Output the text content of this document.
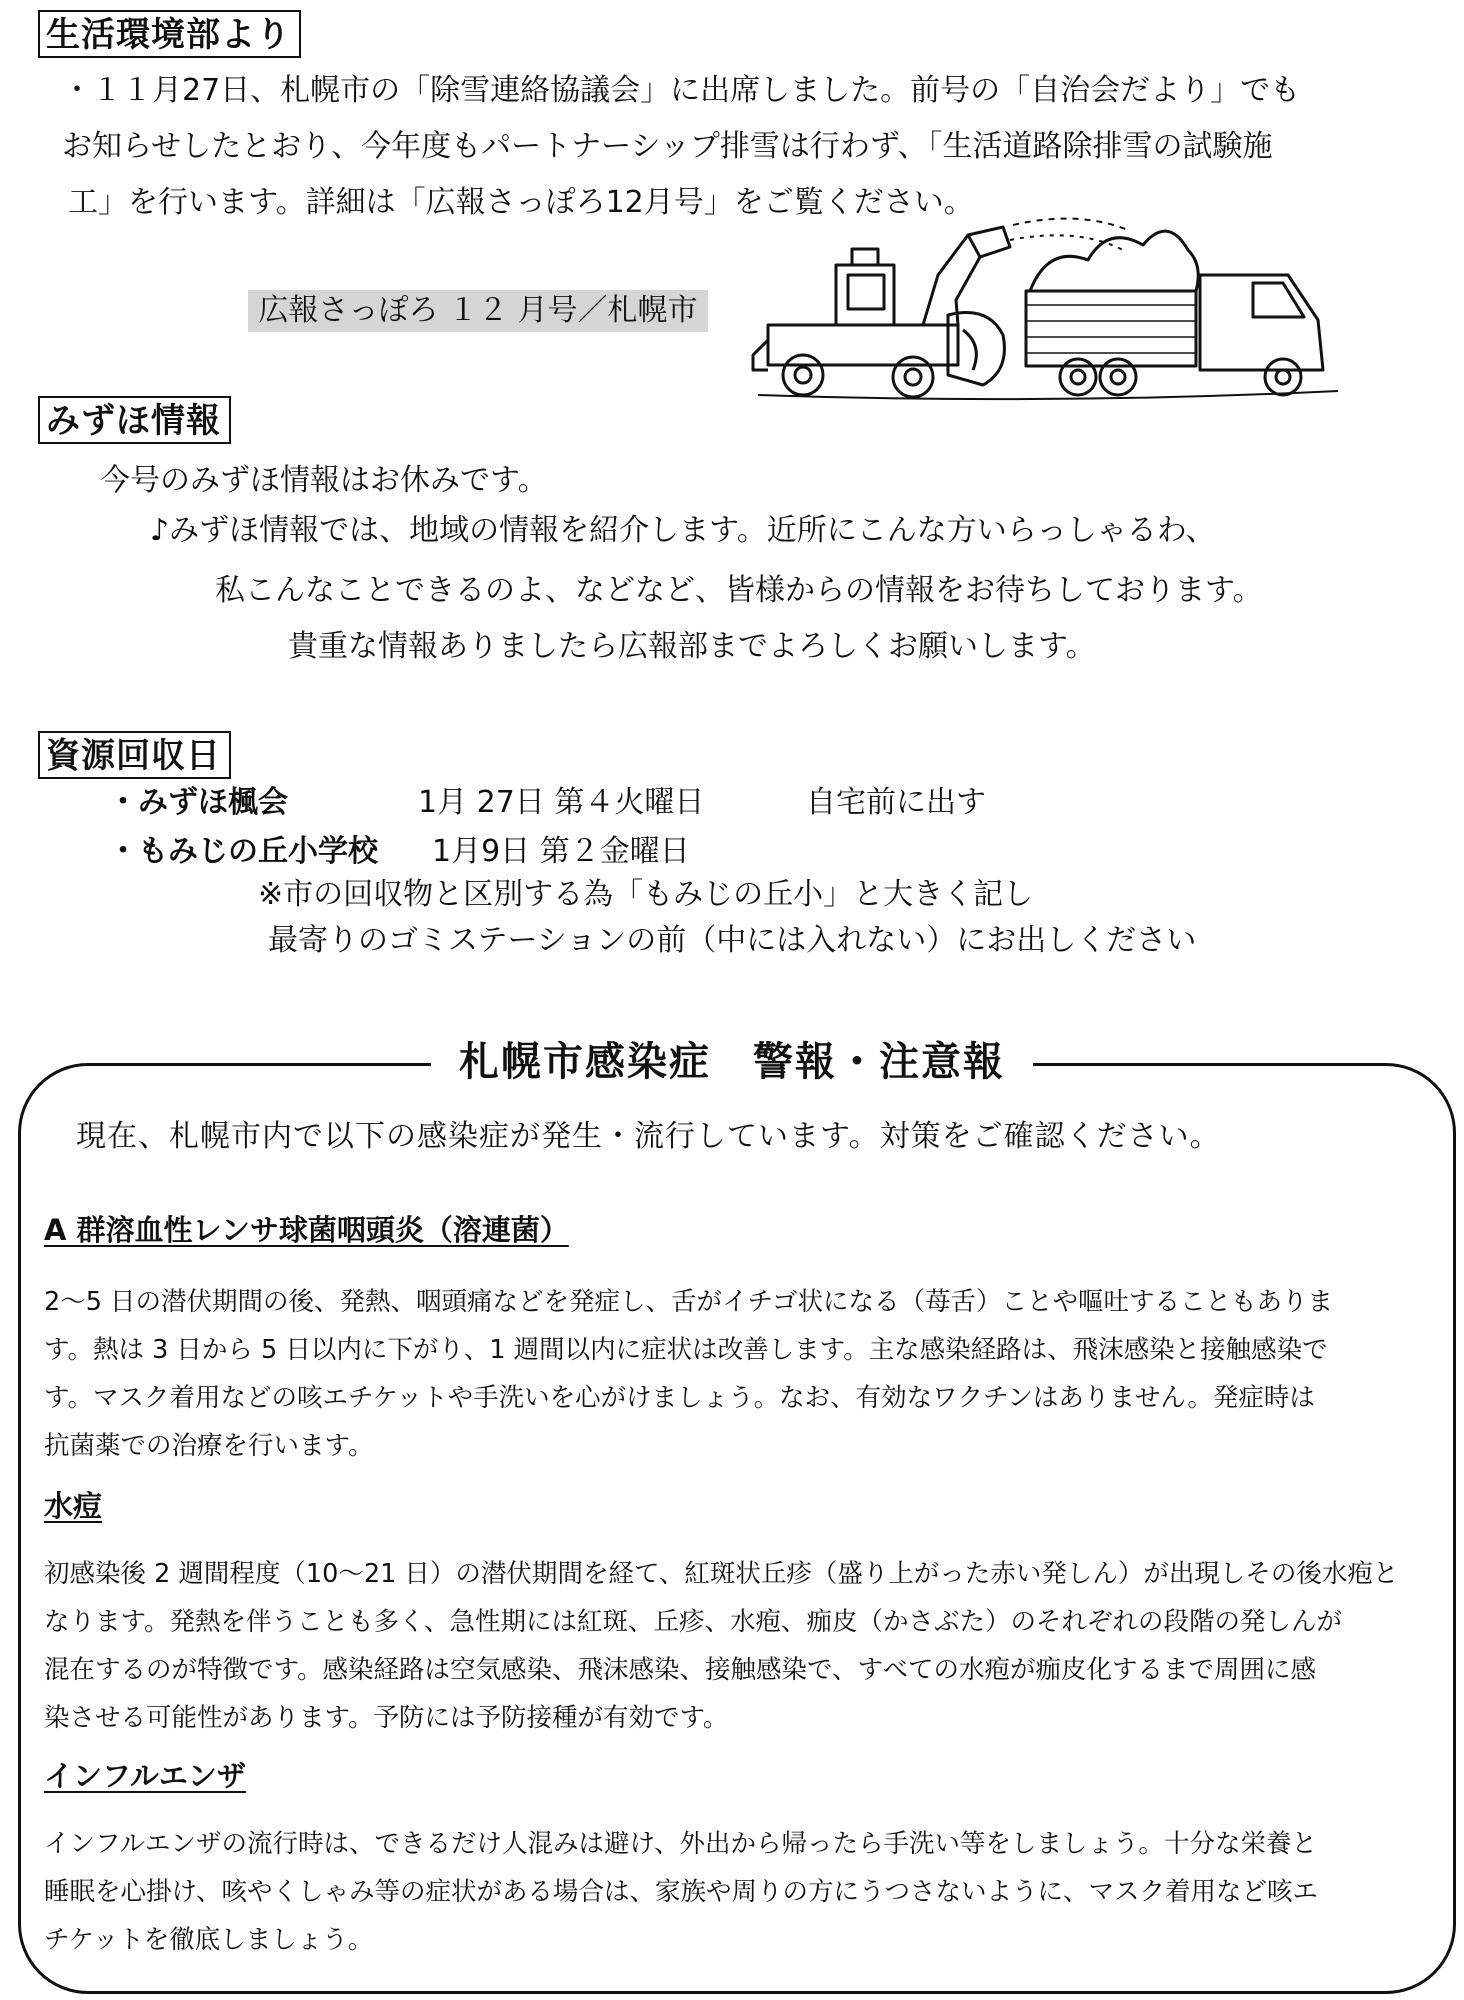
生活環境部より
・１１月27日、札幌市の「除雪連絡協議会」に出席しました。前号の「自治会だより」でも
お知らせしたとおり、今年度もパートナーシップ排雪は行わず、「生活道路除排雪の試験施
工」を行います。詳細は「広報さっぽろ12月号」をご覧ください。
広報さっぽろ １２ 月号／札幌市
みずほ情報
今号のみずほ情報はお休みです。
♪みずほ情報では、地域の情報を紹介します。近所にこんな方いらっしゃるわ、
私こんなことできるのよ、などなど、皆様からの情報をお待ちしております。
貴重な情報ありましたら広報部までよろしくお願いします。
資源回収日
・みずほ楓会	1月 27日 第４火曜日	自宅前に出す
・もみじの丘小学校 1月9日 第２金曜日
※市の回収物と区別する為「もみじの丘小」と大きく記し
最寄りのゴミステーションの前（中には入れない）にお出しください
札幌市感染症　警報・注意報
現在、札幌市内で以下の感染症が発生・流行しています。対策をご確認ください。
A 群溶血性レンサ球菌咽頭炎（溶連菌）

2～5 日の潜伏期間の後、発熱、咽頭痛などを発症し、舌がイチゴ状になる（苺舌）ことや嘔吐することもありま

す。熱は 3 日から 5 日以内に下がり、1 週間以内に症状は改善します。主な感染経路は、飛沫感染と接触感染で

す。マスク着用などの咳エチケットや手洗いを心がけましょう。なお、有効なワクチンはありません。発症時は

抗菌薬での治療を行います。

水痘

初感染後 2 週間程度（10～21 日）の潜伏期間を経て、紅斑状丘疹（盛り上がった赤い発しん）が出現しその後水疱と

なります。発熱を伴うことも多く、急性期には紅斑、丘疹、水疱、痂皮（かさぶた）のそれぞれの段階の発しんが

混在するのが特徴です。感染経路は空気感染、飛沫感染、接触感染で、すべての水疱が痂皮化するまで周囲に感

染させる可能性があります。予防には予防接種が有効です。

インフルエンザ

インフルエンザの流行時は、できるだけ人混みは避け、外出から帰ったら手洗い等をしましょう。十分な栄養と

睡眠を心掛け、咳やくしゃみ等の症状がある場合は、家族や周りの方にうつさないように、マスク着用など咳エ

チケットを徹底しましょう。
